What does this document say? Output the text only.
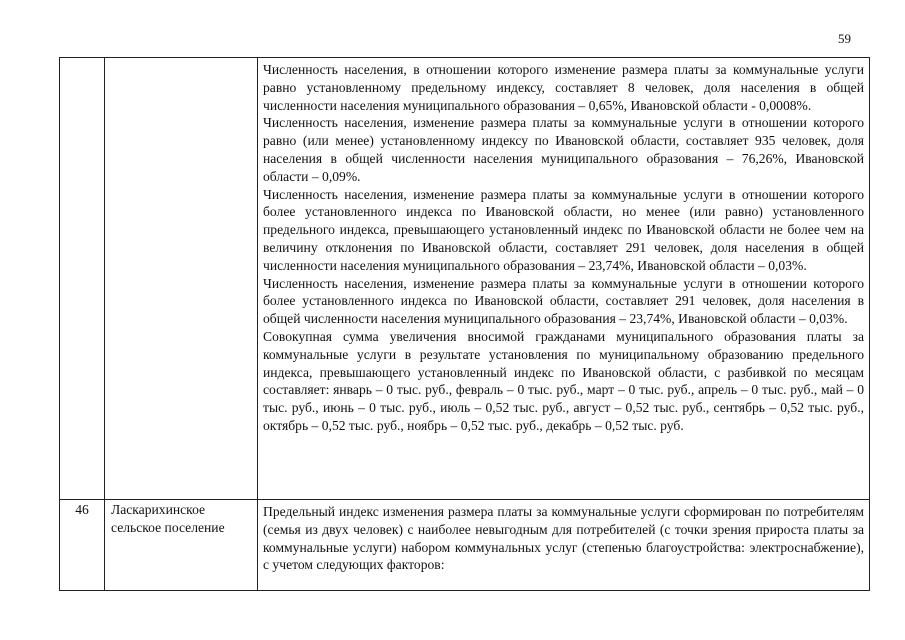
59

		Численность населения, в отношении которого изменение размера платы за коммунальные услуги равно установленному предельному индексу, составляет 8 человек, доля населения в общей численности населения муниципального образования – 0,65%, Ивановской области - 0,0008%.

Численность населения, изменение размера платы за коммунальные услуги в отношении которого равно (или менее) установленному индексу по Ивановской области, составляет 935 человек, доля населения в общей численности населения муниципального образования – 76,26%, Ивановской области – 0,09%.

Численность населения, изменение размера платы за коммунальные услуги в отношении которого более установленного индекса по Ивановской области, но менее (или равно) установленного предельного индекса, превышающего установленный индекс по Ивановской области не более чем на величину отклонения по Ивановской области, составляет 291 человек, доля населения в общей численности населения муниципального образования – 23,74%, Ивановской области – 0,03%.

Численность населения, изменение размера платы за коммунальные услуги в отношении которого более установленного индекса по Ивановской области, составляет 291 человек, доля населения в общей численности населения муниципального образования – 23,74%, Ивановской области – 0,03%.

Совокупная сумма увеличения вносимой гражданами муниципального образования платы за коммунальные услуги в результате установления по муниципальному образованию предельного индекса, превышающего установленный индекс по Ивановской области, с разбивкой по месяцам составляет: январь – 0 тыс. руб., февраль – 0 тыс. руб., март – 0 тыс. руб., апрель – 0 тыс. руб., май – 0 тыс. руб., июнь – 0 тыс. руб., июль – 0,52 тыс. руб., август – 0,52 тыс. руб., сентябрь – 0,52 тыс. руб., октябрь – 0,52 тыс. руб., ноябрь – 0,52 тыс. руб., декабрь – 0,52 тыс. руб.

46	Ласкарихинское сельское поселение	Предельный индекс изменения размера платы за коммунальные услуги сформирован по потребителям (семья из двух человек) с наиболее невыгодным для потребителей (с точки зрения прироста платы за коммунальные услуги) набором коммунальных услуг (степенью благоустройства: электроснабжение), с учетом следующих факторов:
